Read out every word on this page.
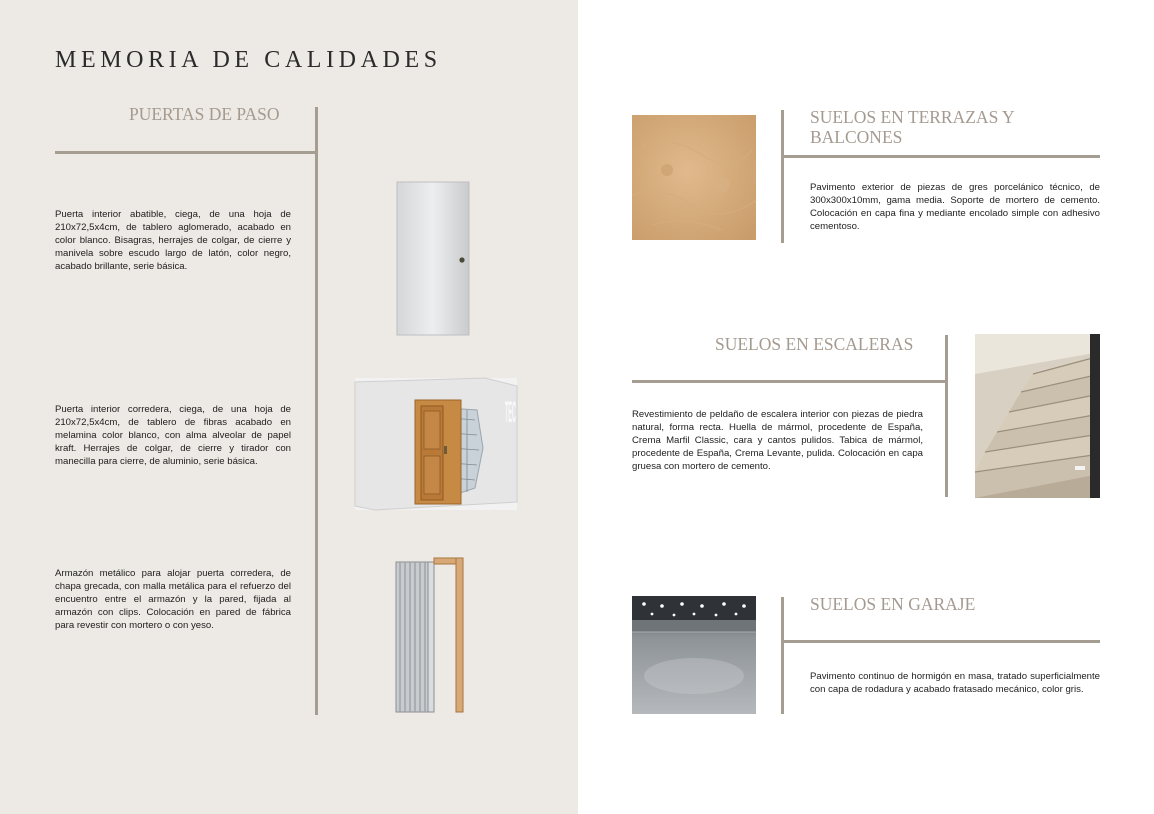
MEMORIA DE CALIDADES
PUERTAS DE PASO
Puerta interior abatible, ciega, de una hoja de 210x72,5x4cm, de tablero aglomerado, acabado en color blanco. Bisagras, herrajes de colgar, de cierre y manivela sobre escudo largo de latón, color negro, acabado brillante, serie básica.
Puerta interior corredera, ciega, de una hoja de 210x72,5x4cm, de tablero de fibras acabado en melamina color blanco, con alma alveolar de papel kraft. Herrajes de colgar, de cierre y tirador con manecilla para cierre, de aluminio, serie básica.
TEC
Armazón metálico para alojar puerta corredera, de chapa grecada, con malla metálica para el refuerzo del encuentro entre el armazón y la pared, fijada al armazón con clips. Colocación en pared de fábrica para revestir con mortero o con yeso.
SUELOS EN TERRAZAS Y
BALCONES
Pavimento exterior de piezas de gres porcelánico técnico, de 300x300x10mm, gama media. Soporte de mortero de cemento. Colocación en capa fina y mediante encolado simple con adhesivo cementoso.
SUELOS EN ESCALERAS
Revestimiento de peldaño de escalera interior con piezas de piedra natural, forma recta. Huella de mármol, procedente de España, Crema Marfil Classic, cara y cantos pulidos. Tabica de mármol, procedente de España, Crema Levante, pulida. Colocación en capa gruesa con mortero de cemento.
SUELOS EN GARAJE
Pavimento continuo de hormigón en masa, tratado superficialmente con capa de rodadura y acabado fratasado mecánico, color gris.
